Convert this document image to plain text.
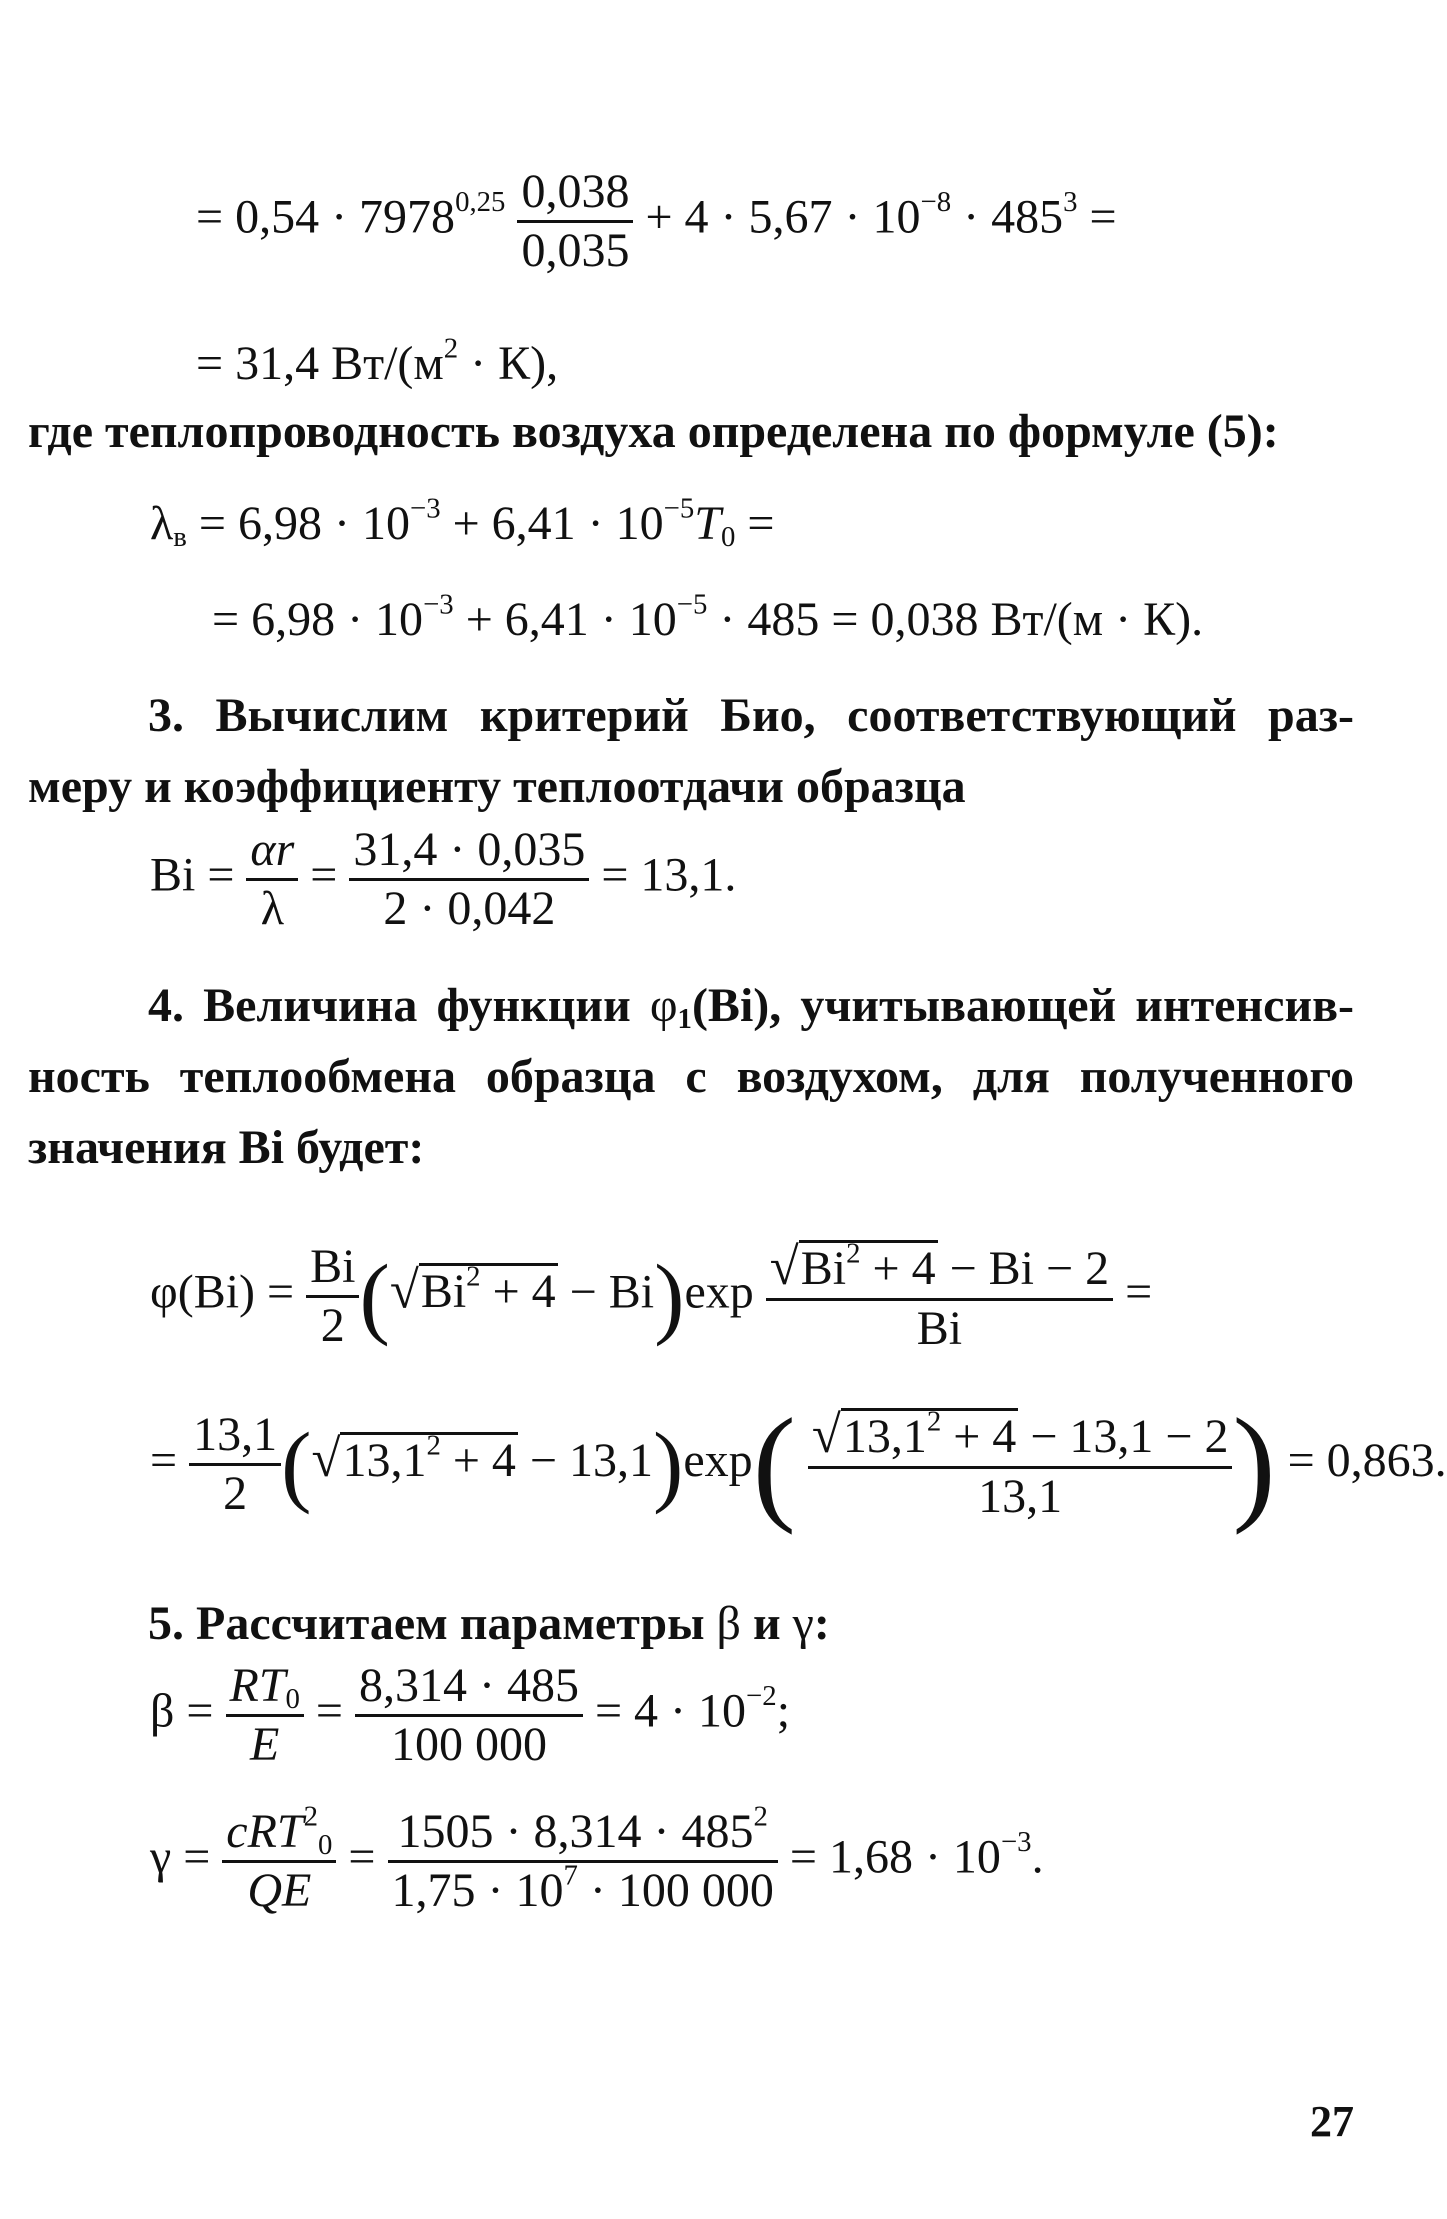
= $0,54 \cdot 7978^{0,25} \frac{0,038}{0,035} + 4 \cdot 5,67 \cdot 10^{-8} \cdot 485^3$ =
= 31,4 $Вт/(м^2 \cdot К)$,
где теплопроводность воздуха определена по формуле (5):
$\lambda_в = 6,98 \cdot 10^{-3} + 6,41 \cdot 10^{-5}T_0$ =
= $6,98 \cdot 10^{-3} + 6,41 \cdot 10^{-5} \cdot 485 = 0,038$ Вт/(м · К).
3. Вычислим критерий Био, соответствующий раз-
меру и коэффициенту теплоотдачи образца
$Bi = \frac{\alpha r}{\lambda} = \frac{31,4 \cdot 0,035}{2 \cdot 0,042} = 13,1$.
4. Величина функции $\varphi_1(Bi)$, учитывающей интенсив-
ность теплообмена образца с воздухом, для полученного
значения Bi будет:
$\varphi(Bi) = \frac{Bi}{2} (√Bi^2 + 4 - Bi)\exp \frac{√Bi^2 + 4 - Bi - 2}{Bi}$ =
= $\frac{13,1}{2} (√13,1^2 + 4 - 13,1)\exp( \frac{√13,1^2 + 4 - 13,1 - 2}{13,1}$ ) = 0,863.
5. Рассчитаем параметры β и γ:
$\beta = \frac{RT_0}{E} = \frac{8,314 \cdot 485}{100 000} = 4 \cdot 10^{-2}$;
$\gamma = \frac{cRT^2_0}{QE} = \frac{1505 \cdot 8,314 \cdot 485^2}{1,75 \cdot 10^7 \cdot 100 000} = 1,68 \cdot 10^{-3}$.
27
